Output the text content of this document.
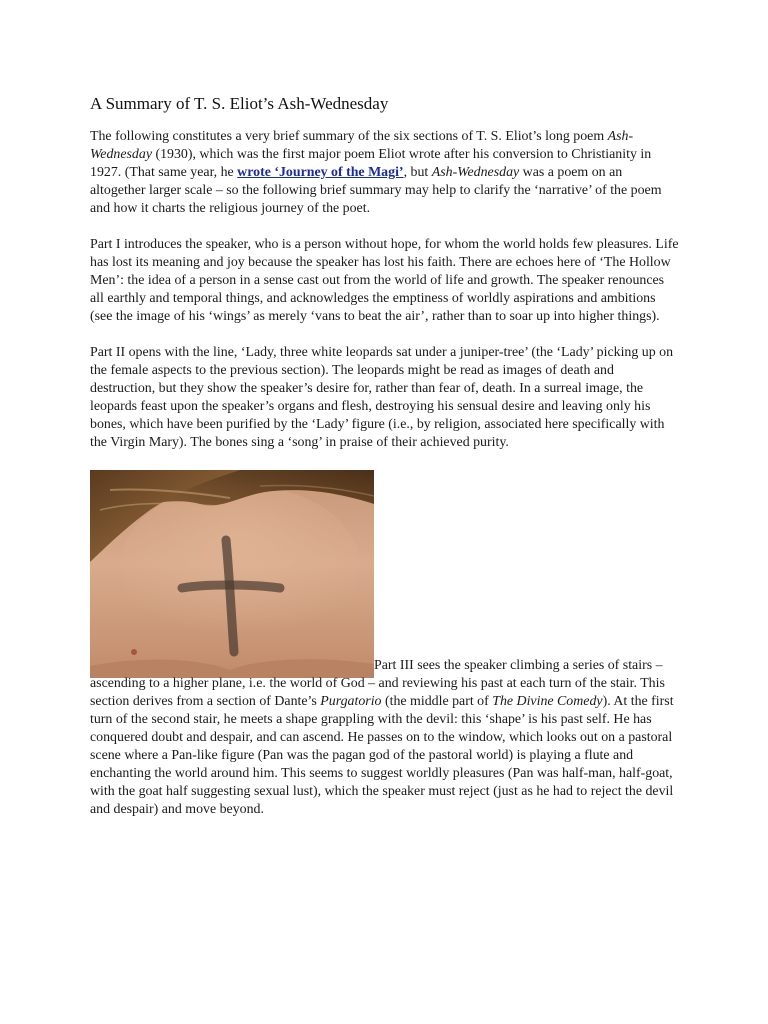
A Summary of T. S. Eliot’s Ash-Wednesday

The following constitutes a very brief summary of the six sections of T. S. Eliot’s long poem Ash-Wednesday (1930), which was the first major poem Eliot wrote after his conversion to Christianity in 1927. (That same year, he wrote ‘Journey of the Magi’, but Ash-Wednesday was a poem on an altogether larger scale – so the following brief summary may help to clarify the ‘narrative’ of the poem and how it charts the religious journey of the poet.

Part I introduces the speaker, who is a person without hope, for whom the world holds few pleasures. Life has lost its meaning and joy because the speaker has lost his faith. There are echoes here of ‘The Hollow Men’: the idea of a person in a sense cast out from the world of life and growth. The speaker renounces all earthly and temporal things, and acknowledges the emptiness of worldly aspirations and ambitions (see the image of his ‘wings’ as merely ‘vans to beat the air’, rather than to soar up into higher things).

Part II opens with the line, ‘Lady, three white leopards sat under a juniper-tree’ (the ‘Lady’ picking up on the female aspects to the previous section). The leopards might be read as images of death and destruction, but they show the speaker’s desire for, rather than fear of, death. In a surreal image, the leopards feast upon the speaker’s organs and flesh, destroying his sensual desire and leaving only his bones, which have been purified by the ‘Lady’ figure (i.e., by religion, associated here specifically with the Virgin Mary). The bones sing a ‘song’ in praise of their achieved purity.

Part III sees the speaker climbing a series of stairs – ascending to a higher plane, i.e. the world of God – and reviewing his past at each turn of the stair. This section derives from a section of Dante’s Purgatorio (the middle part of The Divine Comedy). At the first turn of the second stair, he meets a shape grappling with the devil: this ‘shape’ is his past self. He has conquered doubt and despair, and can ascend. He passes on to the window, which looks out on a pastoral scene where a Pan-like figure (Pan was the pagan god of the pastoral world) is playing a flute and enchanting the world around him. This seems to suggest worldly pleasures (Pan was half-man, half-goat, with the goat half suggesting sexual lust), which the speaker must reject (just as he had to reject the devil and despair) and move beyond.
